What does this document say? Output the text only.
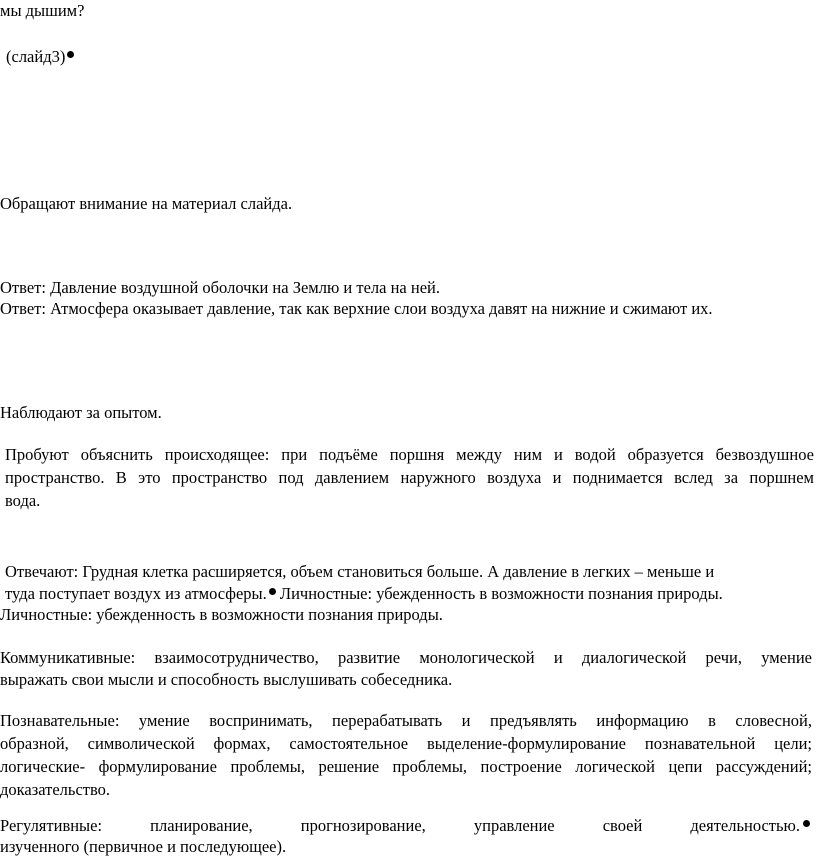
мы дышим?
(слайд3)
Обращают внимание на материал слайда.
Ответ: Давление воздушной оболочки на Землю и тела на ней.
Ответ: Атмосфера оказывает давление, так как верхние слои воздуха давят на нижние и сжимают их.
Наблюдают за опытом.
Пробуют объяснить происходящее: при подъёме поршня между ним и водой образуется безвоздушное
пространство. В это пространство под давлением наружного воздуха и поднимается вслед за поршнем
вода.
Отвечают: Грудная клетка расширяется, объем становиться больше. А давление в легких – меньше и
туда поступает воздух из атмосферы. Личностные: убежденность в возможности познания природы.
Личностные: убежденность в возможности познания природы.
Коммуникативные: взаимосотрудничество, развитие монологической и диалогической речи, умение
выражать свои мысли и способность выслушивать собеседника.
Познавательные: умение воспринимать, перерабатывать и предъявлять информацию в словесной,
образной, символической формах, самостоятельное выделение-формулирование познавательной цели;
логические- формулирование проблемы, решение проблемы, построение логической цепи рассуждений;
доказательство.
Регулятивные: планирование, прогнозирование, управление своей деятельностью.
изученного (первичное и последующее).
